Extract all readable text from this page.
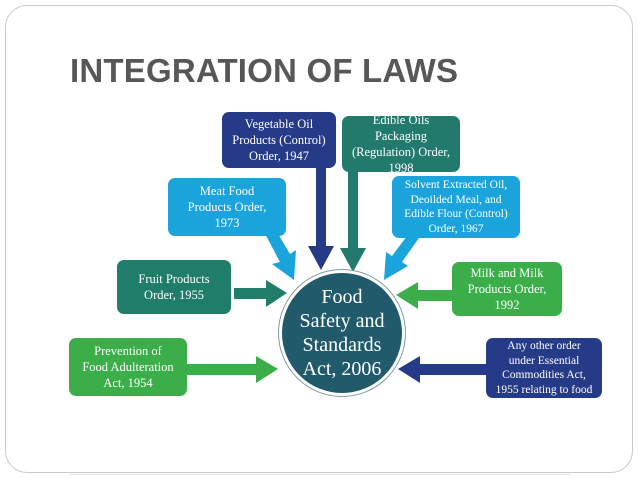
INTEGRATION OF LAWS
Vegetable Oil
Products (Control)
Order, 1947
Edible Oils Packaging
(Regulation) Order,
1998
Meat Food
Products Order,
1973
Solvent Extracted Oil,
Deoilded Meal, and
Edible Flour (Control)
Order, 1967
Fruit Products
Order, 1955
Milk and Milk
Products Order,
1992
Prevention of
Food Adulteration
Act, 1954
Any other order
under Essential
Commodities Act,
1955 relating to food
Food
Safety and
Standards
Act, 2006
